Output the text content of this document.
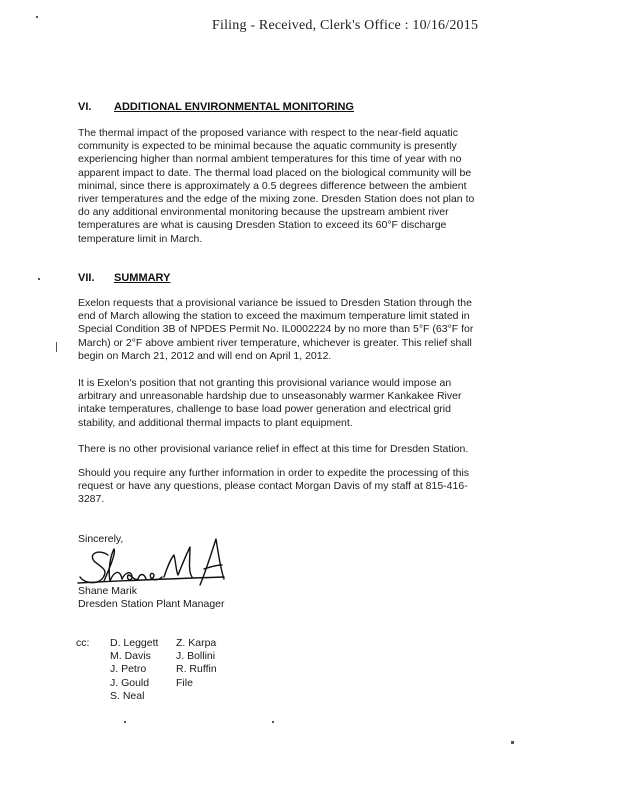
Filing - Received, Clerk's Office : 10/16/2015
VI. ADDITIONAL ENVIRONMENTAL MONITORING
The thermal impact of the proposed variance with respect to the near-field aquatic
community is expected to be minimal because the aquatic community is presently
experiencing higher than normal ambient temperatures for this time of year with no
apparent impact to date. The thermal load placed on the biological community will be
minimal, since there is approximately a 0.5 degrees difference between the ambient
river temperatures and the edge of the mixing zone. Dresden Station does not plan to
do any additional environmental monitoring because the upstream ambient river
temperatures are what is causing Dresden Station to exceed its 60°F discharge
temperature limit in March.
VII. SUMMARY
Exelon requests that a provisional variance be issued to Dresden Station through the
end of March allowing the station to exceed the maximum temperature limit stated in
Special Condition 3B of NPDES Permit No. IL0002224 by no more than 5°F (63°F for
March) or 2°F above ambient river temperature, whichever is greater. This relief shall
begin on March 21, 2012 and will end on April 1, 2012.
It is Exelon's position that not granting this provisional variance would impose an
arbitrary and unreasonable hardship due to unseasonably warmer Kankakee River
intake temperatures, challenge to base load power generation and electrical grid
stability, and additional thermal impacts to plant equipment.
There is no other provisional variance relief in effect at this time for Dresden Station.
Should you require any further information in order to expedite the processing of this
request or have any questions, please contact Morgan Davis of my staff at 815-416-
3287.
Sincerely,
Shane Marik
Dresden Station Plant Manager
cc: D. Leggett
M. Davis
J. Petro
J. Gould
S. Neal
Z. Karpa
J. Bollini
R. Ruffin
File
